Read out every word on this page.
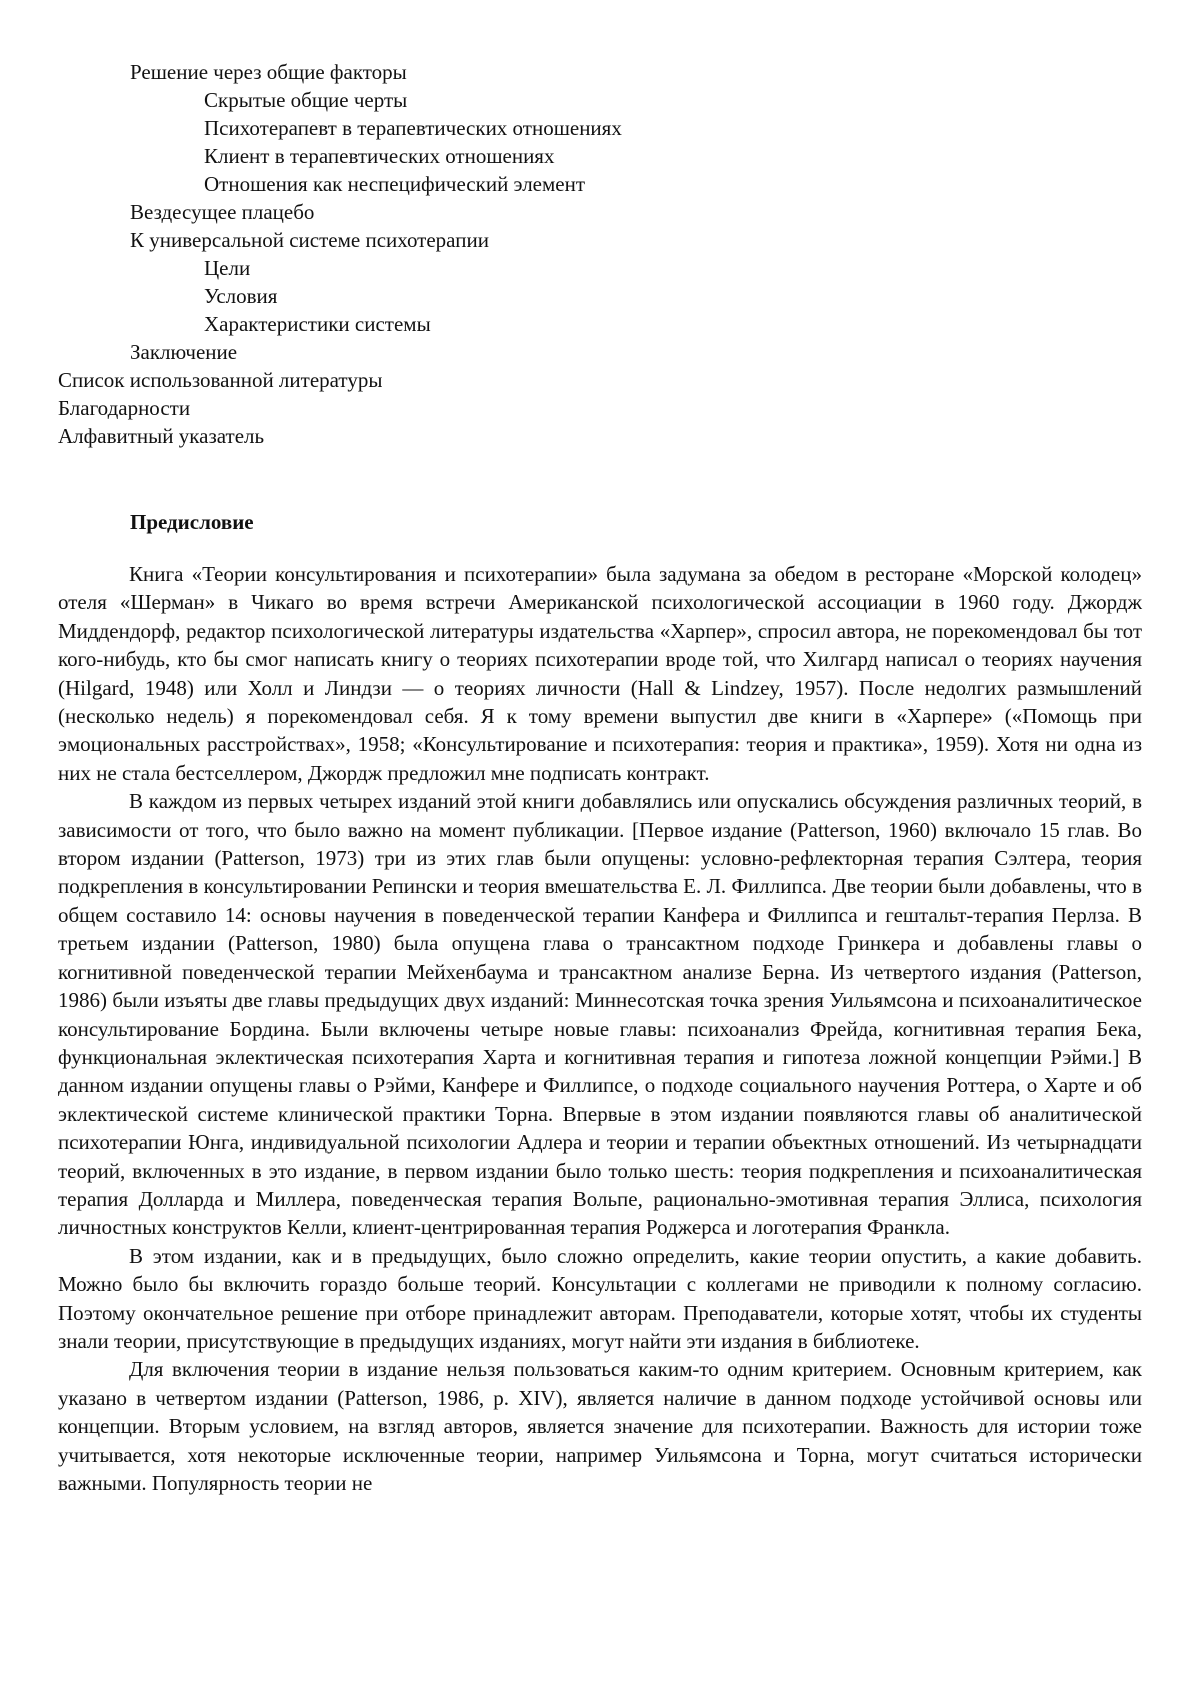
Решение через общие факторы
Скрытые общие черты
Психотерапевт в терапевтических отношениях
Клиент в терапевтических отношениях
Отношения как неспецифический элемент
Вездесущее плацебо
К универсальной системе психотерапии
Цели
Условия
Характеристики системы
Заключение
Список использованной литературы
Благодарности
Алфавитный указатель
Предисловие

Книга «Теории консультирования и психотерапии» была задумана за обедом в ресторане «Морской колодец» отеля «Шерман» в Чикаго во время встречи Американской психологической ассоциации в 1960 году. Джордж Миддендорф, редактор психологической литературы издательства «Харпер», спросил автора, не порекомендовал бы тот кого-нибудь, кто бы смог написать книгу о теориях психотерапии вроде той, что Хилгард написал о теориях научения (Hilgard, 1948) или Холл и Линдзи — о теориях личности (Hall & Lindzey, 1957). После недолгих размышлений (несколько недель) я порекомендовал себя. Я к тому времени выпустил две книги в «Харпере» («Помощь при эмоциональных расстройствах», 1958; «Консультирование и психотерапия: теория и практика», 1959). Хотя ни одна из них не стала бестселлером, Джордж предложил мне подписать контракт.

В каждом из первых четырех изданий этой книги добавлялись или опускались обсуждения различных теорий, в зависимости от того, что было важно на момент публикации. [Первое издание (Patterson, 1960) включало 15 глав. Во втором издании (Patterson, 1973) три из этих глав были опущены: условно-рефлекторная терапия Сэлтера, теория подкрепления в консультировании Репински и теория вмешательства Е. Л. Филлипса. Две теории были добавлены, что в общем составило 14: основы научения в поведенческой терапии Канфера и Филлипса и гештальт-терапия Перлза. В третьем издании (Patterson, 1980) была опущена глава о трансактном подходе Гринкера и добавлены главы о когнитивной поведенческой терапии Мейхенбаума и трансактном анализе Берна. Из четвертого издания (Patterson, 1986) были изъяты две главы предыдущих двух изданий: Миннесотская точка зрения Уильямсона и психоаналитическое консультирование Бордина. Были включены четыре новые главы: психоанализ Фрейда, когнитивная терапия Бека, функциональная эклектическая психотерапия Харта и когнитивная терапия и гипотеза ложной концепции Рэйми.] В данном издании опущены главы о Рэйми, Канфере и Филлипсе, о подходе социального научения Роттера, о Харте и об эклектической системе клинической практики Торна. Впервые в этом издании появляются главы об аналитической психотерапии Юнга, индивидуальной психологии Адлера и теории и терапии объектных отношений. Из четырнадцати теорий, включенных в это издание, в первом издании было только шесть: теория подкрепления и психоаналитическая терапия Долларда и Миллера, поведенческая терапия Вольпе, рационально-эмотивная терапия Эллиса, психология личностных конструктов Келли, клиент-центрированная терапия Роджерса и логотерапия Франкла.

В этом издании, как и в предыдущих, было сложно определить, какие теории опустить, а какие добавить. Можно было бы включить гораздо больше теорий. Консультации с коллегами не приводили к полному согласию. Поэтому окончательное решение при отборе принадлежит авторам. Преподаватели, которые хотят, чтобы их студенты знали теории, присутствующие в предыдущих изданиях, могут найти эти издания в библиотеке.

Для включения теории в издание нельзя пользоваться каким-то одним критерием. Основным критерием, как указано в четвертом издании (Patterson, 1986, p. XIV), является наличие в данном подходе устойчивой основы или концепции. Вторым условием, на взгляд авторов, является значение для психотерапии. Важность для истории тоже учитывается, хотя некоторые исключенные теории, например Уильямсона и Торна, могут считаться исторически важными. Популярность теории не
